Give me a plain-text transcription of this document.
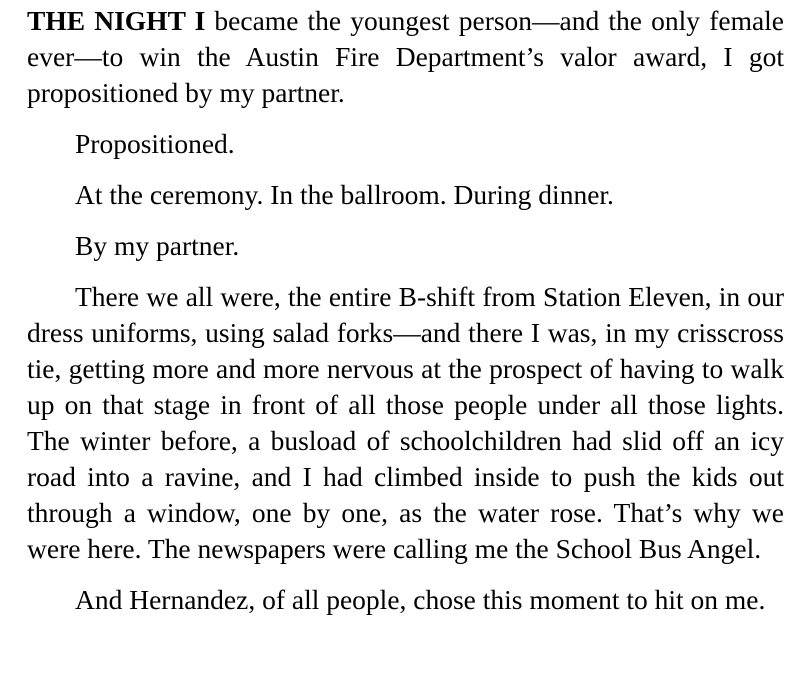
THE NIGHT I became the youngest person—and the only female ever—to win the Austin Fire Department’s valor award, I got propositioned by my partner.

Propositioned.

At the ceremony. In the ballroom. During dinner.

By my partner.

There we all were, the entire B-shift from Station Eleven, in our dress uniforms, using salad forks—and there I was, in my crisscross tie, getting more and more nervous at the prospect of having to walk up on that stage in front of all those people under all those lights. The winter before, a busload of schoolchildren had slid off an icy road into a ravine, and I had climbed inside to push the kids out through a window, one by one, as the water rose. That’s why we were here. The newspapers were calling me the School Bus Angel.

And Hernandez, of all people, chose this moment to hit on me.
